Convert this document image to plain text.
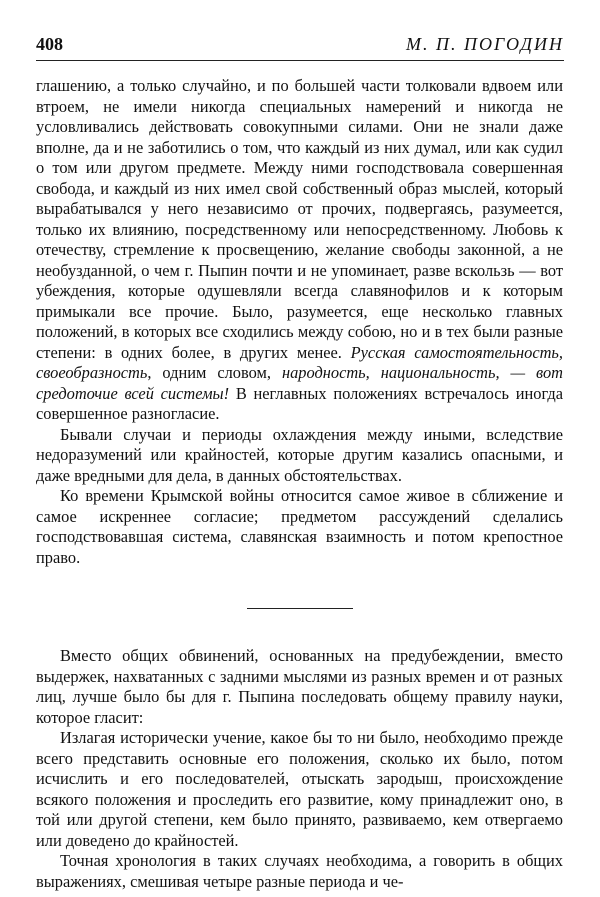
408	М. П. ПОГОДИН

глашению, а только случайно, и по большей части толковали вдвоем или втроем, не имели никогда специальных намерений и никогда не условливались действовать совокупными силами. Они не знали даже вполне, да и не заботились о том, что каждый из них думал, или как судил о том или другом предмете. Между ними господствовала совершенная свобода, и каждый из них имел свой собственный образ мыслей, который вырабатывался у него независимо от прочих, подвергаясь, разумеется, только их влиянию, посредственному или непосредственному. Любовь к отечеству, стремление к просвещению, желание свободы законной, а не необузданной, о чем г. Пыпин почти и не упоминает, разве вскользь — вот убеждения, которые одушевляли всегда славянофилов и к которым примыкали все прочие. Было, разумеется, еще несколько главных положений, в которых все сходились между собою, но и в тех были разные степени: в одних более, в других менее. Русская самостоятельность, своеобразность, одним словом, народность, национальность, — вот средоточие всей системы! В неглавных положениях встречалось иногда совершенное разногласие.

Бывали случаи и периоды охлаждения между иными, вследствие недоразумений или крайностей, которые другим казались опасными, и даже вредными для дела, в данных обстоятельствах.

Ко времени Крымской войны относится самое живое в сближение и самое искреннее согласие; предметом рассуждений сделались господствовавшая система, славянская взаимность и потом крепостное право.

Вместо общих обвинений, основанных на предубеждении, вместо выдержек, нахватанных с задними мыслями из разных времен и от разных лиц, лучше было бы для г. Пыпина последовать общему правилу науки, которое гласит:

Излагая исторически учение, какое бы то ни было, необходимо прежде всего представить основные его положения, сколько их было, потом исчислить и его последователей, отыскать зародыш, происхождение всякого положения и проследить его развитие, кому принадлежит оно, в той или другой степени, кем было принято, развиваемо, кем отвергаемо или доведено до крайностей.

Точная хронология в таких случаях необходима, а говорить в общих выражениях, смешивая четыре разные периода и че-
